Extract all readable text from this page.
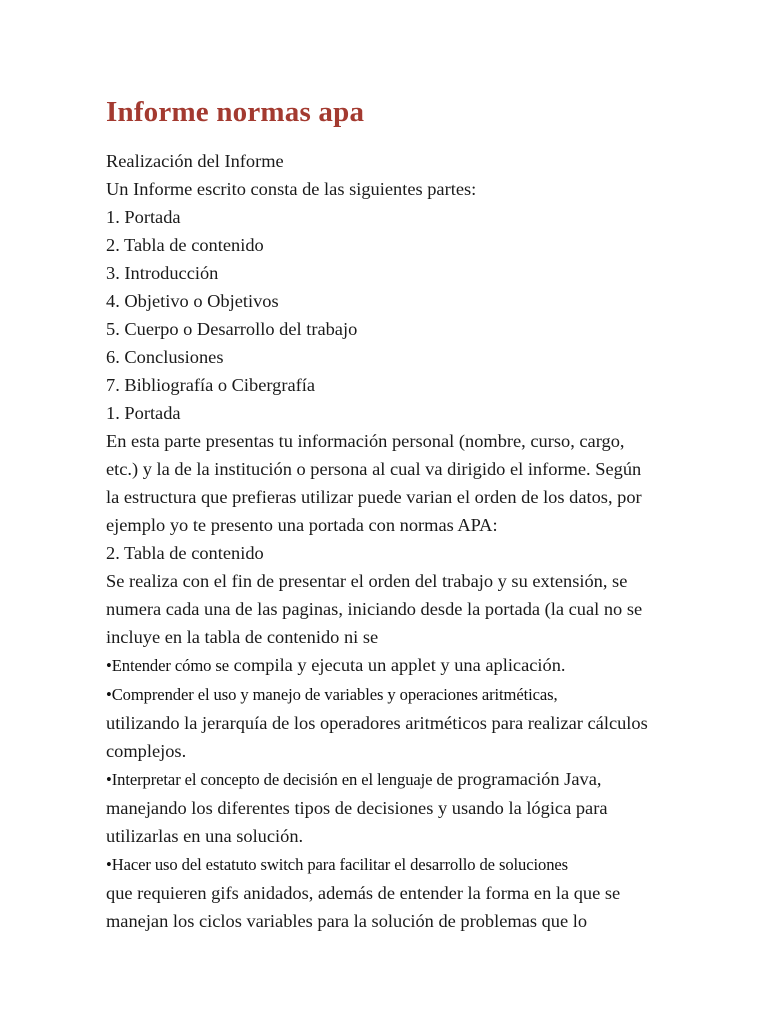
Informe normas apa

Realización del Informe

Un Informe escrito consta de las siguientes partes:

1. Portada

2. Tabla de contenido

3. Introducción

4. Objetivo o Objetivos

5. Cuerpo o Desarrollo del trabajo

6. Conclusiones

7. Bibliografía o Cibergrafía

1. Portada

En esta parte presentas tu información personal (nombre, curso, cargo,
etc.) y la de la institución o persona al cual va dirigido el informe. Según
la estructura que prefieras utilizar puede varian el orden de los datos, por
ejemplo yo te presento una portada con normas APA:

2. Tabla de contenido

Se realiza con el fin de presentar el orden del trabajo y su extensión, se
numera cada una de las paginas, iniciando desde la portada (la cual no se
incluye en la tabla de contenido ni se

•Entender cómo se compila y ejecuta un applet y una aplicación.

•Comprender el uso y manejo de variables y operaciones aritméticas,
utilizando la jerarquía de los operadores aritméticos para realizar cálculos
complejos.

•Interpretar el concepto de decisión en el lenguaje de programación Java,
manejando los diferentes tipos de decisiones y usando la lógica para
utilizarlas en una solución.

•Hacer uso del estatuto switch para facilitar el desarrollo de soluciones
que requieren gifs anidados, además de entender la forma en la que se
manejan los ciclos variables para la solución de problemas que lo
